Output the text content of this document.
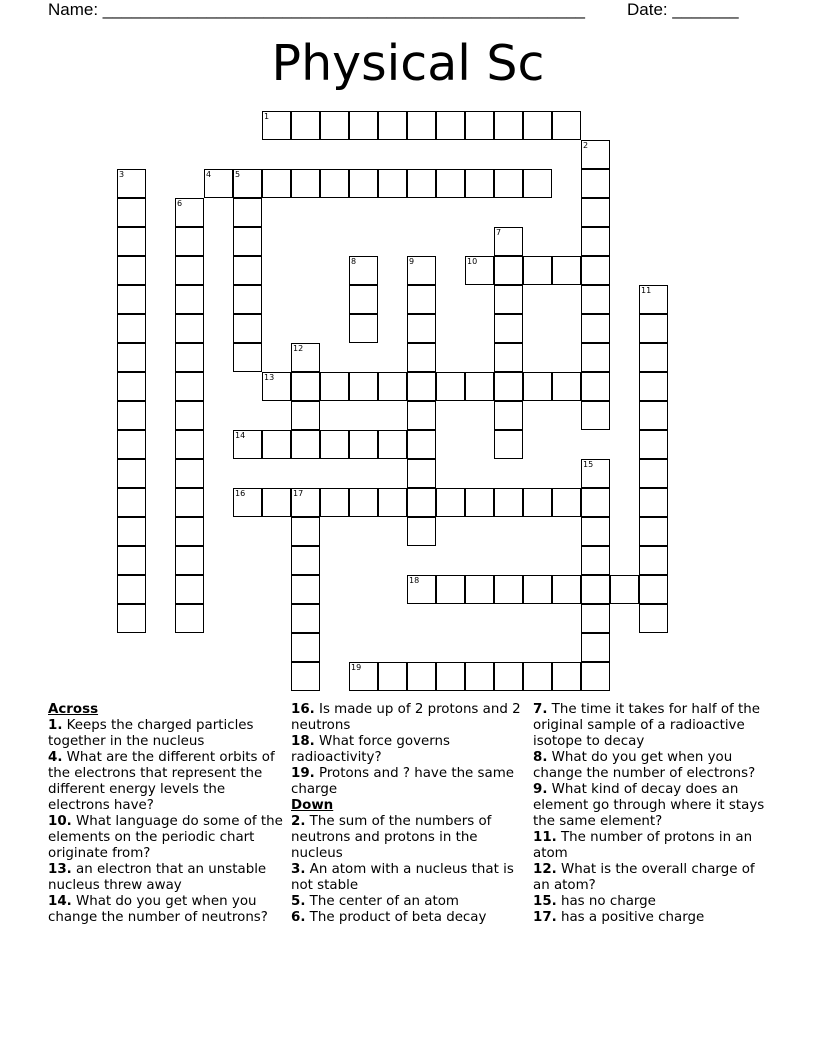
Name: ___________________________________________________ Date: _______
Physical Sc
1
2
3	4	5
6
7
8	9	10
11
12
13
14
15
16	17
18
19
Across
1. Keeps the charged particles together in the nucleus
4. What are the different orbits of the electrons that represent the different energy levels the electrons have?
10. What language do some of the elements on the periodic chart originate from?
13. an electron that an unstable nucleus threw away
14. What do you get when you change the number of neutrons?
16. Is made up of 2 protons and 2 neutrons
18. What force governs radioactivity?
19. Protons and ? have the same charge
Down
2. The sum of the numbers of neutrons and protons in the nucleus
3. An atom with a nucleus that is not stable
5. The center of an atom
6. The product of beta decay
7. The time it takes for half of the original sample of a radioactive isotope to decay
8. What do you get when you change the number of electrons?
9. What kind of decay does an element go through where it stays the same element?
11. The number of protons in an atom
12. What is the overall charge of an atom?
15. has no charge
17. has a positive charge
